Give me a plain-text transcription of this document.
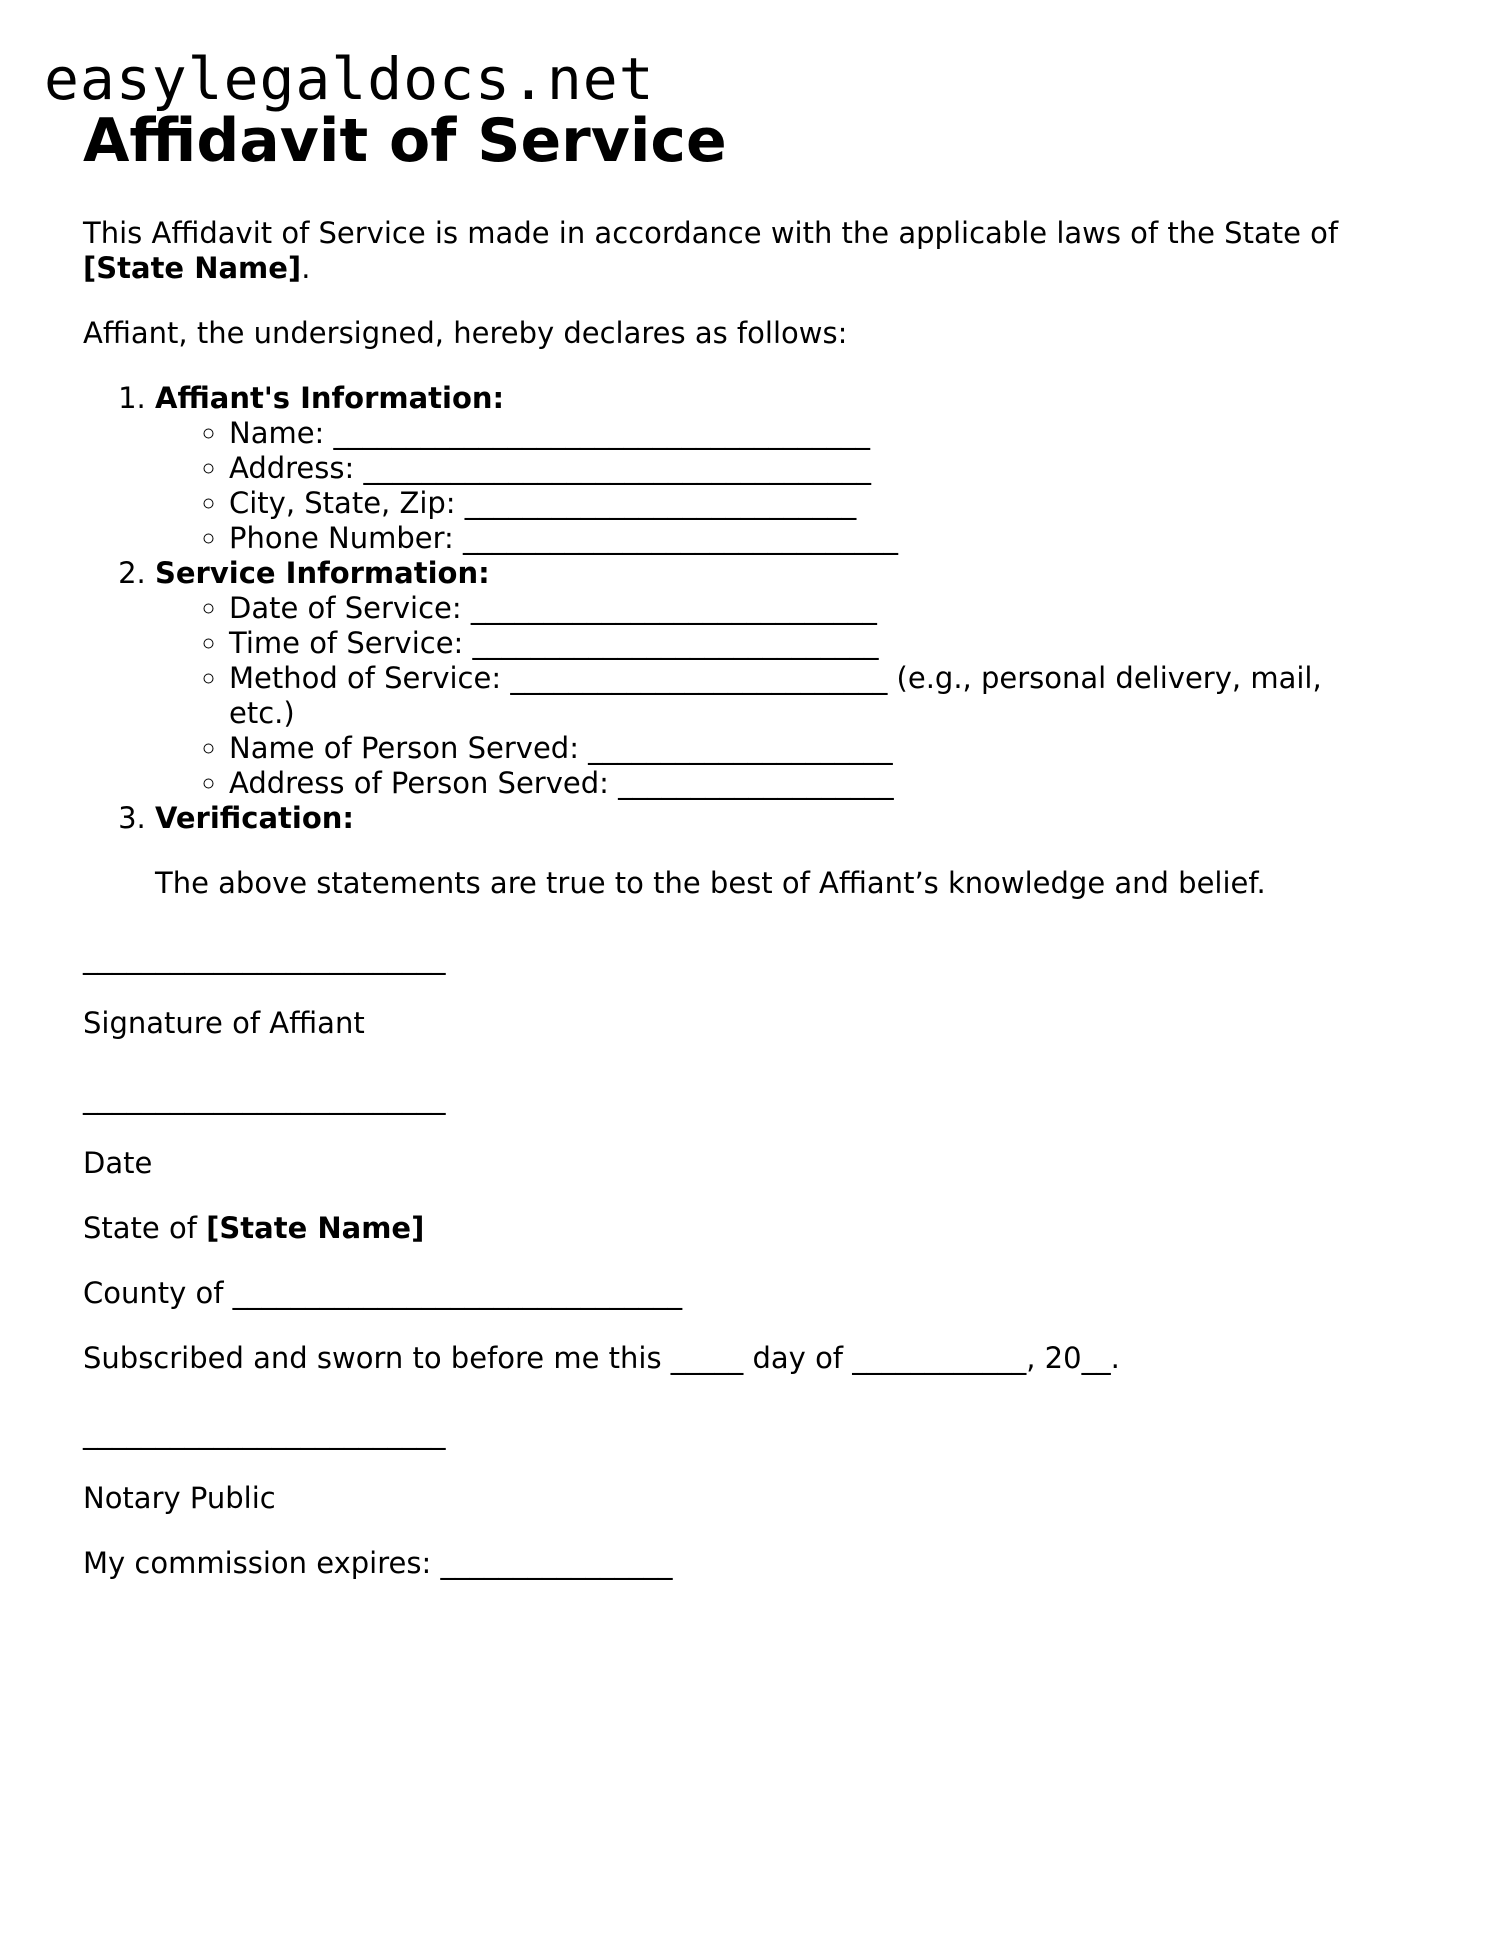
easylegaldocs.net
Affidavit of Service

This Affidavit of Service is made in accordance with the applicable laws of the State of [State Name].

Affiant, the undersigned, hereby declares as follows:

1. Affiant's Information:
◦ Name: _____________________________________
◦ Address: ___________________________________
◦ City, State, Zip: ___________________________
◦ Phone Number: ______________________________
2. Service Information:
◦ Date of Service: ____________________________
◦ Time of Service: ____________________________
◦ Method of Service: __________________________ (e.g., personal delivery, mail, etc.)
◦ Name of Person Served: _____________________
◦ Address of Person Served: ___________________
3. Verification:

The above statements are true to the best of Affiant’s knowledge and belief.

_________________________

Signature of Affiant

_________________________

Date

State of [State Name]

County of _______________________________

Subscribed and sworn to before me this _____ day of ____________, 20__.

_________________________

Notary Public

My commission expires: ________________
